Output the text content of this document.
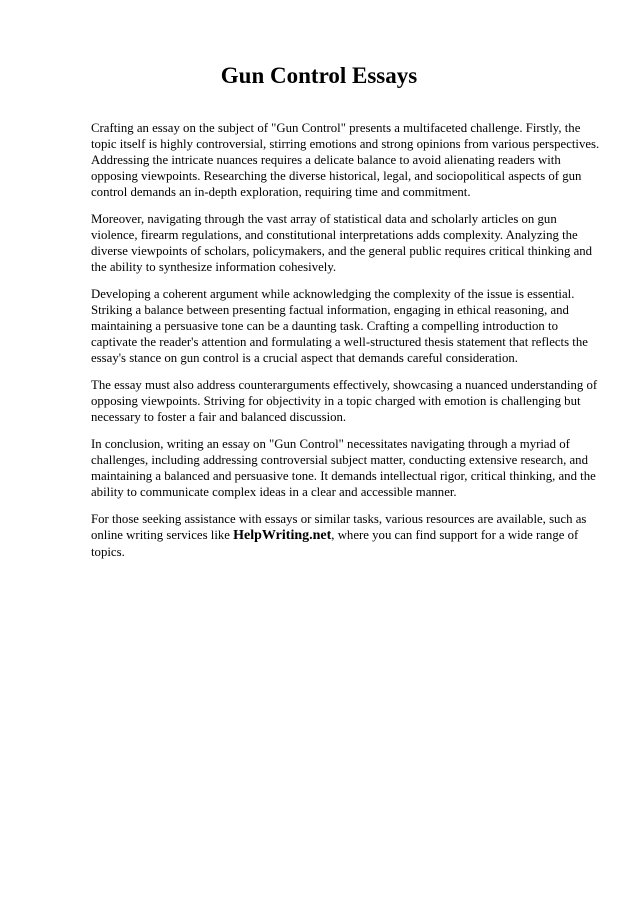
Gun Control Essays

Crafting an essay on the subject of "Gun Control" presents a multifaceted challenge. Firstly, the topic itself is highly controversial, stirring emotions and strong opinions from various perspectives. Addressing the intricate nuances requires a delicate balance to avoid alienating readers with opposing viewpoints. Researching the diverse historical, legal, and sociopolitical aspects of gun control demands an in-depth exploration, requiring time and commitment.

Moreover, navigating through the vast array of statistical data and scholarly articles on gun violence, firearm regulations, and constitutional interpretations adds complexity. Analyzing the diverse viewpoints of scholars, policymakers, and the general public requires critical thinking and the ability to synthesize information cohesively.

Developing a coherent argument while acknowledging the complexity of the issue is essential. Striking a balance between presenting factual information, engaging in ethical reasoning, and maintaining a persuasive tone can be a daunting task. Crafting a compelling introduction to captivate the reader's attention and formulating a well-structured thesis statement that reflects the essay's stance on gun control is a crucial aspect that demands careful consideration.

The essay must also address counterarguments effectively, showcasing a nuanced understanding of opposing viewpoints. Striving for objectivity in a topic charged with emotion is challenging but necessary to foster a fair and balanced discussion.

In conclusion, writing an essay on "Gun Control" necessitates navigating through a myriad of challenges, including addressing controversial subject matter, conducting extensive research, and maintaining a balanced and persuasive tone. It demands intellectual rigor, critical thinking, and the ability to communicate complex ideas in a clear and accessible manner.

For those seeking assistance with essays or similar tasks, various resources are available, such as online writing services like HelpWriting.net, where you can find support for a wide range of topics.
